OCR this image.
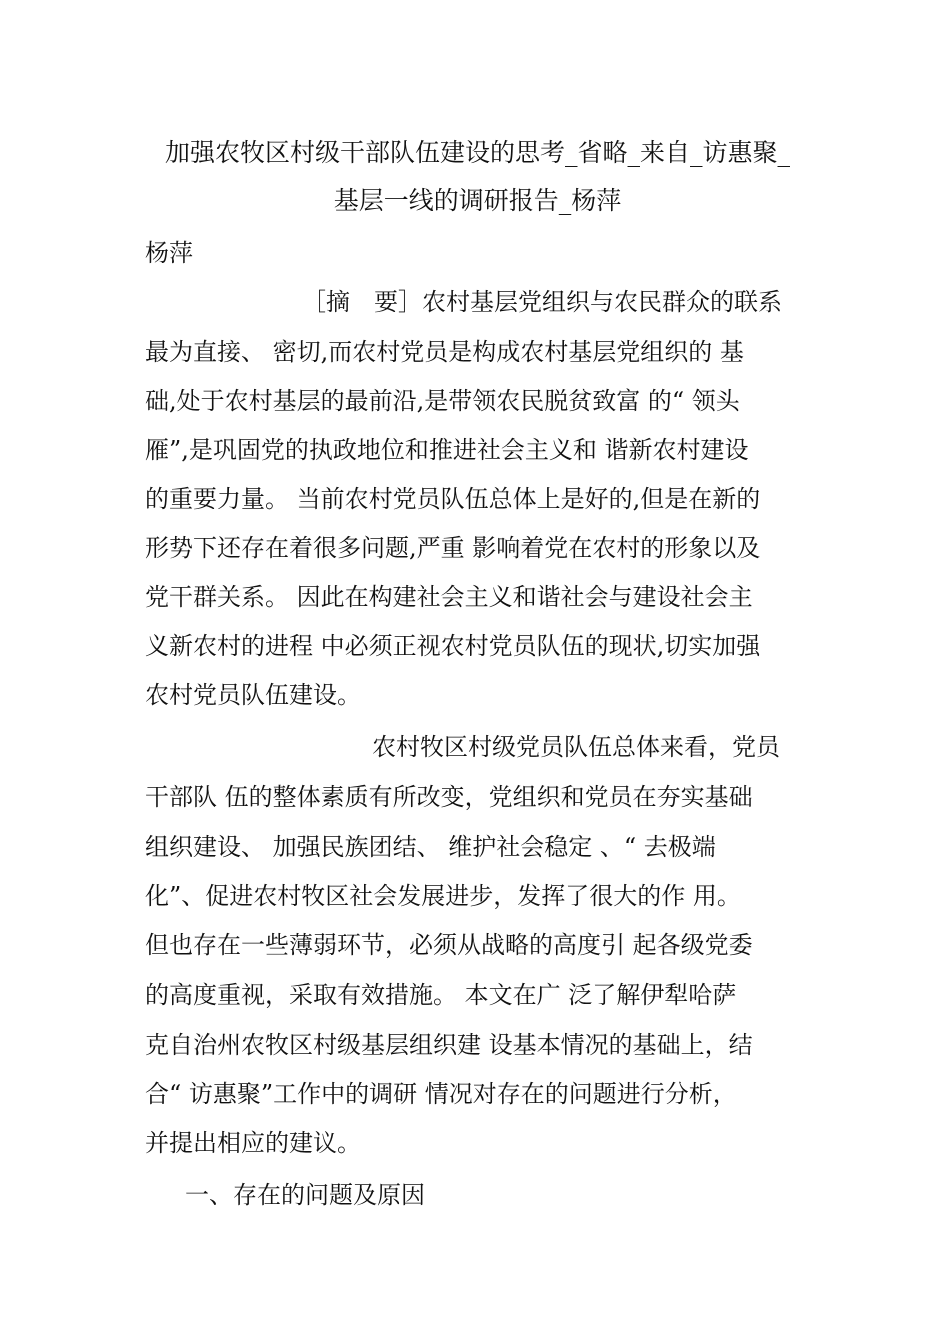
加强农牧区村级干部队伍建设的思考_省略_来自_访惠聚_
基层一线的调研报告_杨萍
杨萍
［摘　要］农村基层党组织与农民群众的联系
最为直接、 密切,而农村党员是构成农村基层党组织的 基
础,处于农村基层的最前沿,是带领农民脱贫致富 的“ 领头
雁”,是巩固党的执政地位和推进社会主义和 谐新农村建设
的重要力量。 当前农村党员队伍总体上是好的,但是在新的
形势下还存在着很多问题,严重 影响着党在农村的形象以及
党干群关系。 因此在构建社会主义和谐社会与建设社会主
义新农村的进程 中必须正视农村党员队伍的现状,切实加强
农村党员队伍建设。
农村牧区村级党员队伍总体来看，党员
干部队 伍的整体素质有所改变，党组织和党员在夯实基础
组织建设、 加强民族团结、 维护社会稳定 、“ 去极端
化”、促进农村牧区社会发展进步，发挥了很大的作 用。
但也存在一些薄弱环节，必须从战略的高度引 起各级党委
的高度重视，采取有效措施。 本文在广 泛了解伊犁哈萨
克自治州农牧区村级基层组织建 设基本情况的基础上，结
合“ 访惠聚”工作中的调研 情况对存在的问题进行分析，
并提出相应的建议。
一、存在的问题及原因
